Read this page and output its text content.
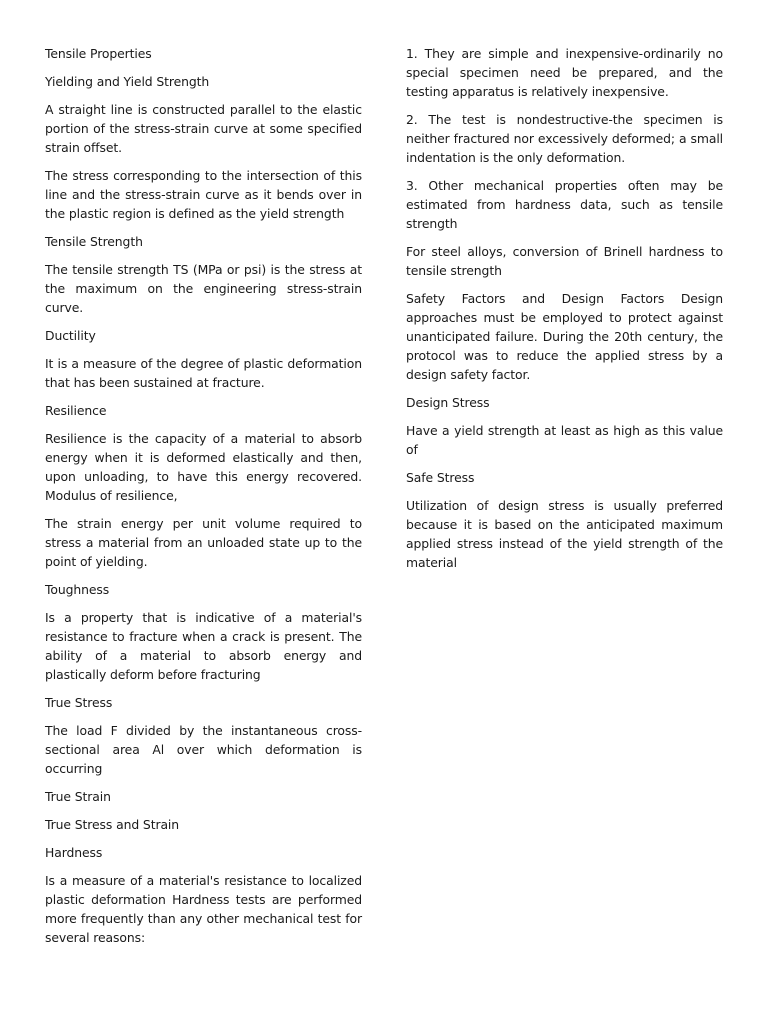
Tensile Properties

Yielding and Yield Strength

A straight line is constructed parallel to the elastic portion of the stress-strain curve at some specified strain offset.

The stress corresponding to the intersection of this line and the stress-strain curve as it bends over in the plastic region is defined as the yield strength

Tensile Strength

The tensile strength TS (MPa or psi) is the stress at the maximum on the engineering stress-strain curve.

Ductility

It is a measure of the degree of plastic deformation that has been sustained at fracture.

Resilience

Resilience is the capacity of a material to absorb energy when it is deformed elastically and then, upon unloading, to have this energy recovered. Modulus of resilience,

The strain energy per unit volume required to stress a material from an unloaded state up to the point of yielding.

Toughness

Is a property that is indicative of a material's resistance to fracture when a crack is present. The ability of a material to absorb energy and plastically deform before fracturing

True Stress

The load F divided by the instantaneous cross-sectional area Al over which deformation is occurring

True Strain

True Stress and Strain

Hardness

Is a measure of a material's resistance to localized plastic deformation Hardness tests are performed more frequently than any other mechanical test for several reasons:

1. They are simple and inexpensive-ordinarily no special specimen need be prepared, and the testing apparatus is relatively inexpensive.

2. The test is nondestructive-the specimen is neither fractured nor excessively deformed; a small indentation is the only deformation.

3. Other mechanical properties often may be estimated from hardness data, such as tensile strength

For steel alloys, conversion of Brinell hardness to tensile strength

Safety Factors and Design Factors Design approaches must be employed to protect against unanticipated failure. During the 20th century, the protocol was to reduce the applied stress by a design safety factor.

Design Stress

Have a yield strength at least as high as this value of

Safe Stress

Utilization of design stress is usually preferred because it is based on the anticipated maximum applied stress instead of the yield strength of the material
